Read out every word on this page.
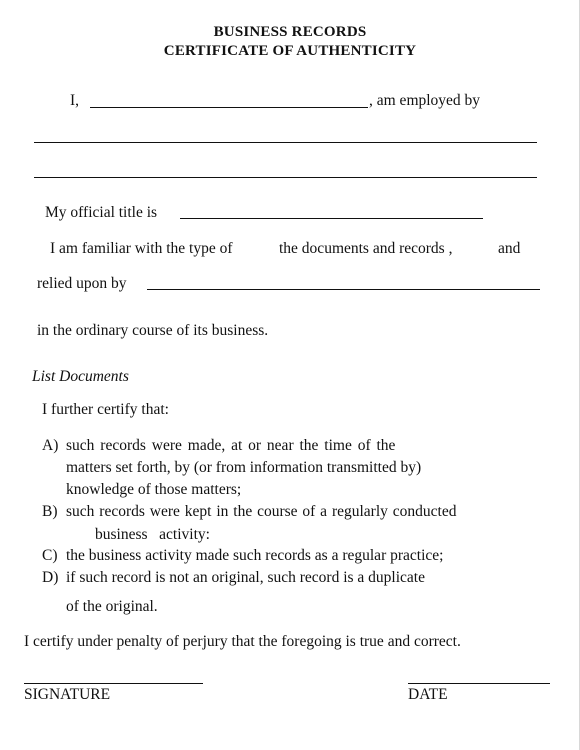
BUSINESS RECORDS
CERTIFICATE OF AUTHENTICITY
I,	, am employed by
My official title is
I am familiar with the type of	the documents and records ,	and
relied upon by
in the ordinary course of its business.
List Documents
I further certify that:
A) such records were made, at or near the time of the
matters set forth, by (or from information transmitted by)
knowledge of those matters;
B) such records were kept in the course of a regularly conducted
business   activity:
C) the business activity made such records as a regular practice;
D) if such record is not an original, such record is a duplicate
of the original.
I certify under penalty of perjury that the foregoing is true and correct.
SIGNATURE	DATE
